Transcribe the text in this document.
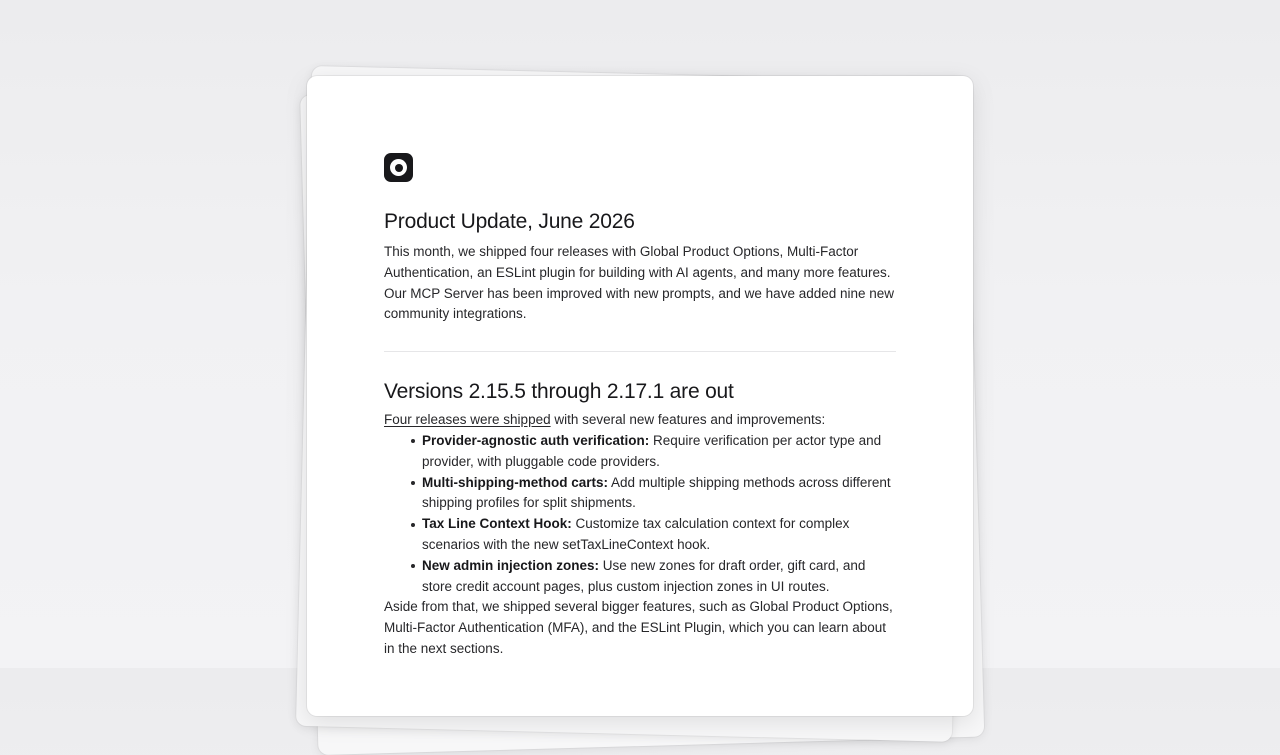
Product Update, June 2026

This month, we shipped four releases with Global Product Options, Multi-Factor Authentication, an ESLint plugin for building with AI agents, and many more features. Our MCP Server has been improved with new prompts, and we have added nine new community integrations.

Versions 2.15.5 through 2.17.1 are out

Four releases were shipped with several new features and improvements:

Provider-agnostic auth verification: Require verification per actor type and provider, with pluggable code providers.
Multi-shipping-method carts: Add multiple shipping methods across different shipping profiles for split shipments.
Tax Line Context Hook: Customize tax calculation context for complex scenarios with the new setTaxLineContext hook.
New admin injection zones: Use new zones for draft order, gift card, and store credit account pages, plus custom injection zones in UI routes.

Aside from that, we shipped several bigger features, such as Global Product Options, Multi-Factor Authentication (MFA), and the ESLint Plugin, which you can learn about in the next sections.
